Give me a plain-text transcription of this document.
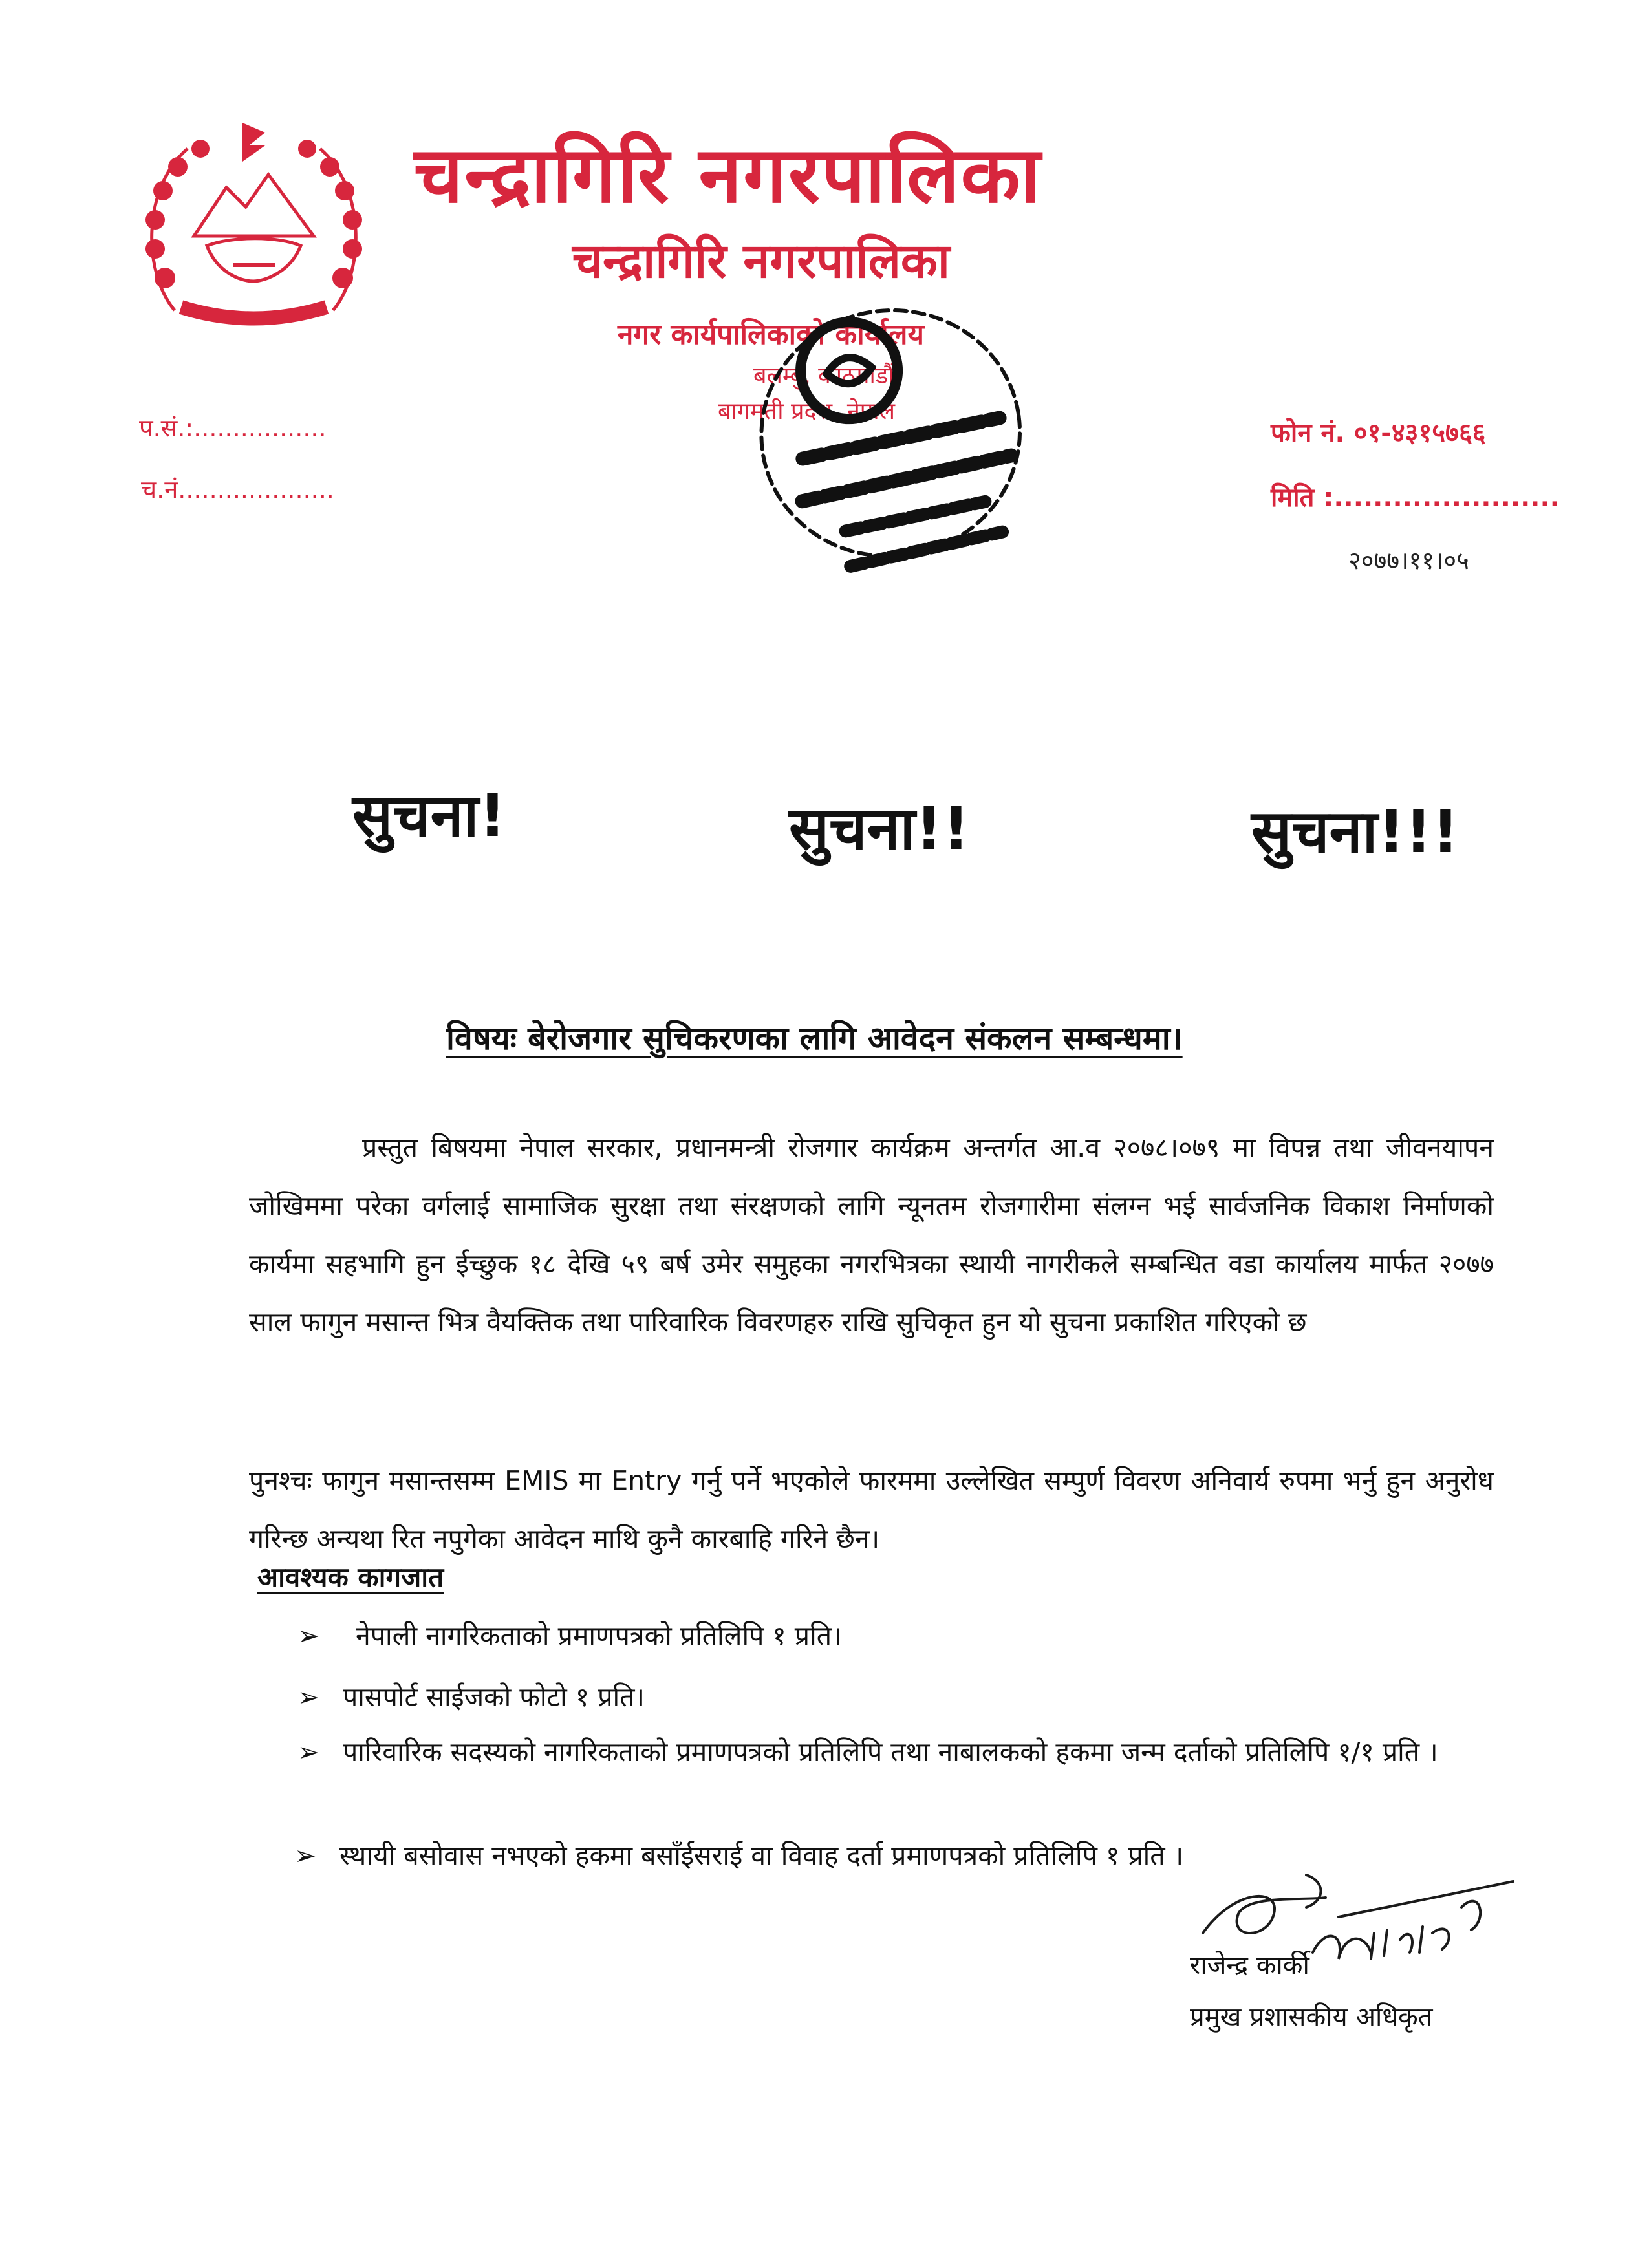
चन्द्रागिरि नगरपालिका
चन्द्रागिरि नगरपालिका
नगर कार्यपालिकाको कार्यालय
बलम्बु, काठमाडौं
बागमती प्रदेश, नेपाल
प.सं.:.................
च.नं....................
फोन नं. ०१-४३१५७६६
मिति :.......................
२०७७।११।०५
सुचना!	सुचना!!	सुचना!!!
विषयः बेरोजगार सुचिकरणका लागि आवेदन संकलन सम्बन्धमा।
प्रस्तुत बिषयमा नेपाल सरकार, प्रधानमन्त्री रोजगार कार्यक्रम अन्तर्गत आ.व २०७८।०७९ मा विपन्न तथा जीवनयापन जोखिममा परेका वर्गलाई सामाजिक सुरक्षा तथा संरक्षणको लागि न्यूनतम रोजगारीमा संलग्न भई सार्वजनिक विकाश निर्माणको कार्यमा सहभागि हुन ईच्छुक १८ देखि ५९ बर्ष उमेर समुहका नगरभित्रका स्थायी नागरीकले सम्बन्धित वडा कार्यालय मार्फत २०७७ साल फागुन मसान्त भित्र वैयक्तिक तथा पारिवारिक विवरणहरु राखि सुचिकृत हुन यो सुचना प्रकाशित गरिएको छ
पुनश्चः फागुन मसान्तसम्म EMIS मा Entry गर्नु पर्ने भएकोले फारममा उल्लेखित सम्पुर्ण विवरण अनिवार्य रुपमा भर्नु हुन अनुरोध गरिन्छ अन्यथा रित नपुगेका आवेदन माथि कुनै कारबाहि गरिने छैन।
आवश्यक कागजात
➢ नेपाली नागरिकताको प्रमाणपत्रको प्रतिलिपि १ प्रति।
➢ पासपोर्ट साईजको फोटो १ प्रति।
➢ पारिवारिक सदस्यको नागरिकताको प्रमाणपत्रको प्रतिलिपि तथा नाबालकको हकमा जन्म दर्ताको प्रतिलिपि १/१ प्रति ।
➢ स्थायी बसोवास नभएको हकमा बसाँईसराई वा विवाह दर्ता प्रमाणपत्रको प्रतिलिपि १ प्रति ।
राजेन्द्र कार्की
प्रमुख प्रशासकीय अधिकृत
